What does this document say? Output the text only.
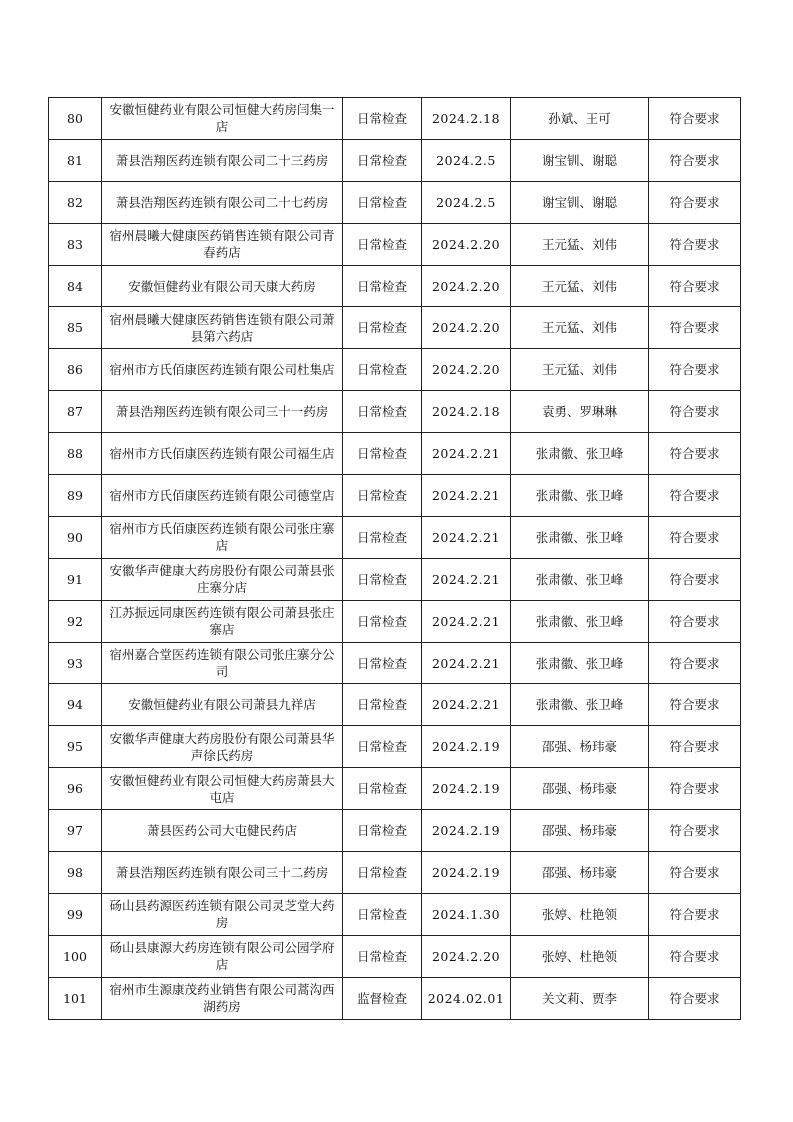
80	安徽恒健药业有限公司恒健大药房闫集一店	日常检查	2024.2.18	孙斌、王可	符合要求
81	萧县浩翔医药连锁有限公司二十三药房	日常检查	2024.2.5	谢宝钏、谢聪	符合要求
82	萧县浩翔医药连锁有限公司二十七药房	日常检查	2024.2.5	谢宝钏、谢聪	符合要求
83	宿州晨曦大健康医药销售连锁有限公司青春药店	日常检查	2024.2.20	王元猛、刘伟	符合要求
84	安徽恒健药业有限公司天康大药房	日常检查	2024.2.20	王元猛、刘伟	符合要求
85	宿州晨曦大健康医药销售连锁有限公司萧县第六药店	日常检查	2024.2.20	王元猛、刘伟	符合要求
86	宿州市方氏佰康医药连锁有限公司杜集店	日常检查	2024.2.20	王元猛、刘伟	符合要求
87	萧县浩翔医药连锁有限公司三十一药房	日常检查	2024.2.18	袁勇、罗琳琳	符合要求
88	宿州市方氏佰康医药连锁有限公司福生店	日常检查	2024.2.21	张肃徽、张卫峰	符合要求
89	宿州市方氏佰康医药连锁有限公司德堂店	日常检查	2024.2.21	张肃徽、张卫峰	符合要求
90	宿州市方氏佰康医药连锁有限公司张庄寨店	日常检查	2024.2.21	张肃徽、张卫峰	符合要求
91	安徽华声健康大药房股份有限公司萧县张庄寨分店	日常检查	2024.2.21	张肃徽、张卫峰	符合要求
92	江苏振远同康医药连锁有限公司萧县张庄寨店	日常检查	2024.2.21	张肃徽、张卫峰	符合要求
93	宿州嘉合堂医药连锁有限公司张庄寨分公司	日常检查	2024.2.21	张肃徽、张卫峰	符合要求
94	安徽恒健药业有限公司萧县九祥店	日常检查	2024.2.21	张肃徽、张卫峰	符合要求
95	安徽华声健康大药房股份有限公司萧县华声徐氏药房	日常检查	2024.2.19	邵强、杨玮豪	符合要求
96	安徽恒健药业有限公司恒健大药房萧县大屯店	日常检查	2024.2.19	邵强、杨玮豪	符合要求
97	萧县医药公司大屯健民药店	日常检查	2024.2.19	邵强、杨玮豪	符合要求
98	萧县浩翔医药连锁有限公司三十二药房	日常检查	2024.2.19	邵强、杨玮豪	符合要求
99	砀山县药源医药连锁有限公司灵芝堂大药房	日常检查	2024.1.30	张婷、杜艳领	符合要求
100	砀山县康源大药房连锁有限公司公园学府店	日常检查	2024.2.20	张婷、杜艳领	符合要求
101	宿州市生源康茂药业销售有限公司蒿沟西湖药房	监督检查	2024.02.01	关文莉、贾李	符合要求
